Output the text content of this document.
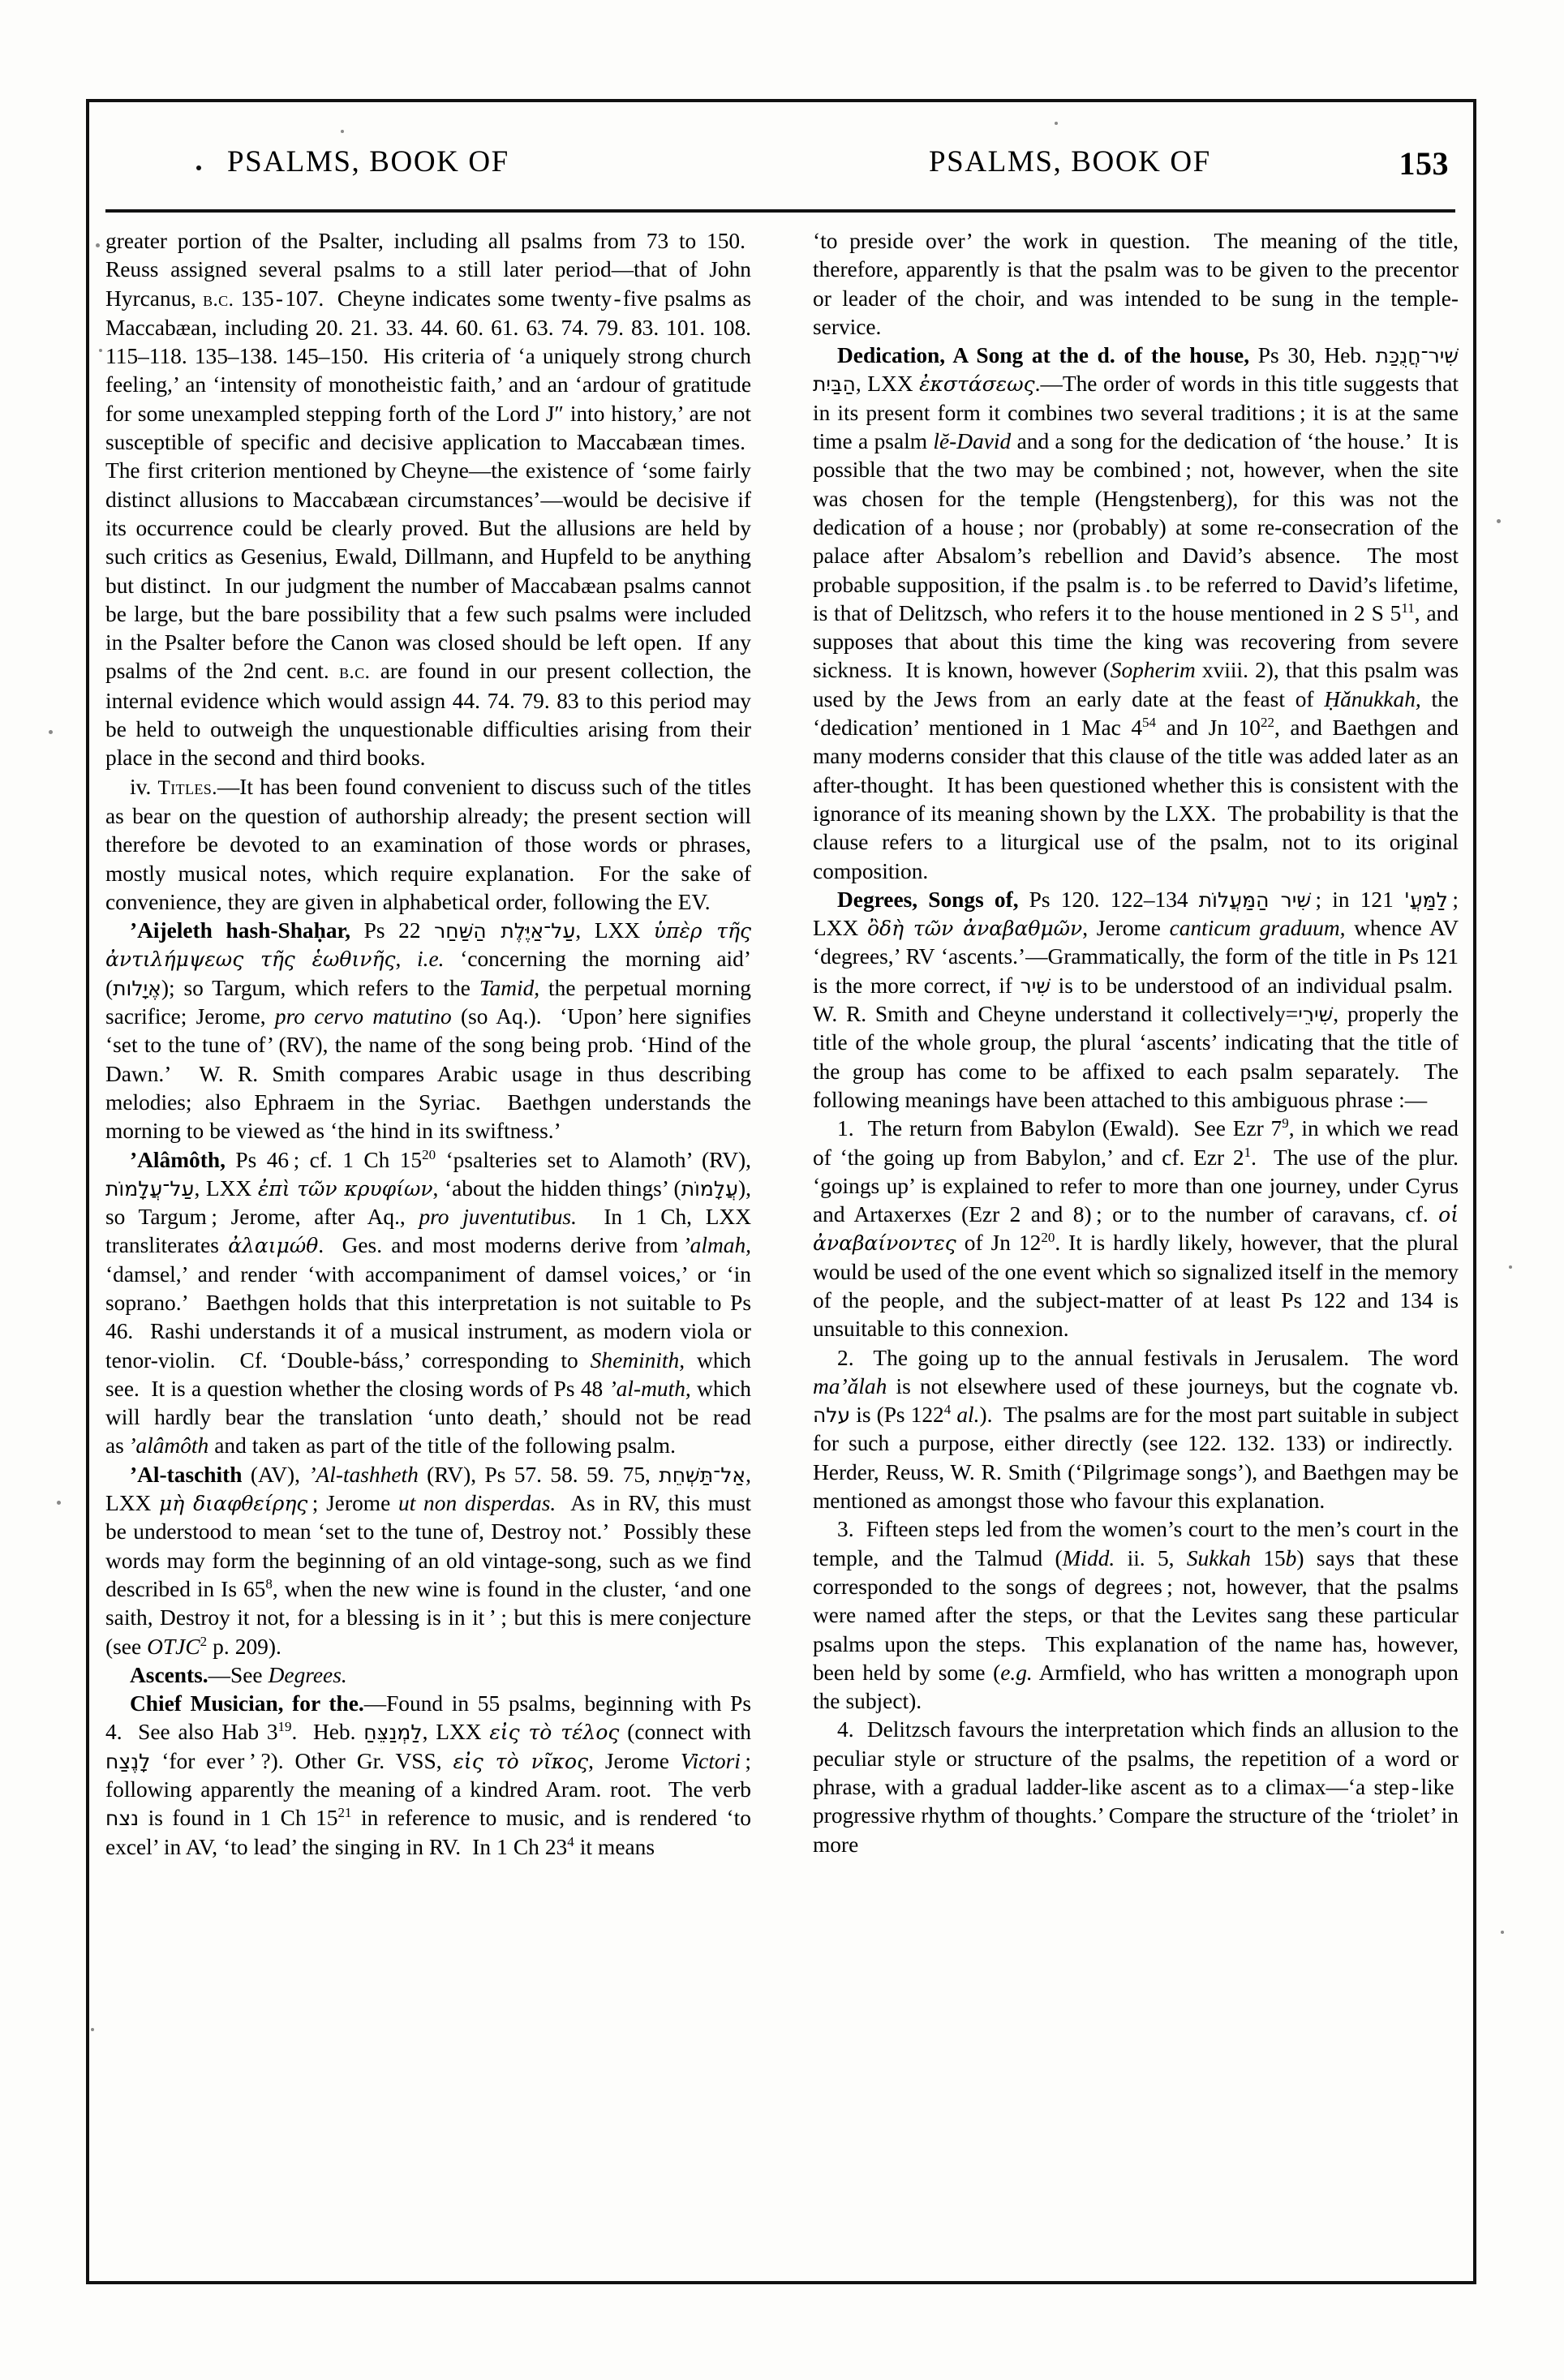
PSALMS, BOOK OF	PSALMS, BOOK OF	153

greater portion of the Psalter, including all psalms from 73 to 150.  Reuss assigned several psalms to a still later period—that of John Hyrcanus, b.c. 135 - 107.  Cheyne indicates some twenty - five psalms as Maccabæan, including 20. 21. 33. 44. 60. 61. 63. 74. 79. 83. 101. 108. 115–118. 135–138. 145–150.  His criteria of ‘a uniquely strong church feeling,’ an ‘intensity of monotheistic faith,’ and an ‘ardour of gratitude for some unexampled stepping forth of the Lord J″ into history,’ are not susceptible of specific and decisive application to Maccabæan times.  The first criterion mentioned by Cheyne—the existence of ‘some fairly distinct allusions to Maccabæan circumstances’—would be decisive if its occurrence could be clearly proved. But the allusions are held by such critics as Gesenius, Ewald, Dillmann, and Hupfeld to be anything but distinct.  In our judgment the number of Maccabæan psalms cannot be large, but the bare possibility that a few such psalms were included in the Psalter before the Canon was closed should be left open.  If any psalms of the 2nd cent. b.c. are found in our present collection, the internal evidence which would assign 44. 74. 79. 83 to this period may be held to outweigh the unquestionable difficulties arising from their place in the second and third books.

iv. Titles.—It has been found convenient to discuss such of the titles as bear on the question of authorship already; the present section will therefore be devoted to an examination of those words or phrases, mostly musical notes, which require explanation.  For the sake of convenience, they are given in alphabetical order, following the EV.

’Aijeleth hash-Shaḥar, Ps 22 עַל־אַיֶּלֶת הַשַּׁחַר, LXX ὑπὲρ τῆς ἀντιλήμψεως τῆς ἑωθινῆς, i.e. ‘concerning the morning aid’ (אֶיָלות); so Targum, which refers to the Tamid, the perpetual morning sacrifice; Jerome, pro cervo matutino (so Aq.).  ‘Upon’ here signifies ‘set to the tune of’ (RV), the name of the song being prob. ‘Hind of the Dawn.’  W. R. Smith compares Arabic usage in thus describing melodies; also Ephraem in the Syriac.  Baethgen understands the morning to be viewed as ‘the hind in its swiftness.’

’Alâmôth, Ps 46 ; cf. 1 Ch $15^{20}$ ‘psalteries set to Alamoth’ (RV), עַל־עֲלָמוֹת, LXX ἐπὶ τῶν κρυφίων, ‘about the hidden things’ (עֲלָמוֹת), so Targum ; Jerome, after Aq., pro juventutibus.  In 1 Ch, LXX transliterates ἀλαιμώθ.  Ges. and most moderns derive from ’almah, ‘damsel,’ and render ‘with accompaniment of damsel voices,’ or ‘in soprano.’  Baethgen holds that this interpretation is not suitable to Ps 46.  Rashi understands it of a musical instrument, as modern viola or tenor-violin.  Cf. ‘Double-báss,’ corresponding to Sheminith, which see.  It is a question whether the closing words of Ps 48 ’al-muth, which will hardly bear the translation ‘unto death,’ should not be read as ’alâmôth and taken as part of the title of the following psalm.

’Al-taschith (AV), ’Al-tashheth (RV), Ps 57. 58. 59. 75, אַל־תַּשְׁחֵת, LXX μὴ διαφθείρης ; Jerome ut non disperdas.  As in RV, this must be understood to mean ‘set to the tune of, Destroy not.’  Possibly these words may form the beginning of an old vintage-song, such as we find described in Is $65^8$, when the new wine is found in the cluster, ‘and one saith, Destroy it not, for a blessing is in it ’ ; but this is mere conjecture (see OTJC$^2$ p. 209).

Ascents.—See Degrees.

Chief Musician, for the.—Found in 55 psalms, beginning with Ps 4.  See also Hab $3^{19}$.  Heb. לַמְנַצֵּחַ, LXX εἰς τὸ τέλος (connect with לָנֶצַח ‘for ever ’ ?). Other Gr. VSS, εἰς τὸ νῖκος, Jerome Victori ; following apparently the meaning of a kindred Aram. root.  The verb נצח is found in 1 Ch $15^{21}$ in reference to music, and is rendered ‘to excel’ in AV, ‘to lead’ the singing in RV.  In 1 Ch $23^4$ it means

‘to preside over’ the work in question.  The meaning of the title, therefore, apparently is that the psalm was to be given to the precentor or leader of the choir, and was intended to be sung in the temple-service.

Dedication, A Song at the d. of the house, Ps 30, Heb. שִׁיר־חֲנֻכַּת הַבַּיִת, LXX ἐκστάσεως.—The order of words in this title suggests that in its present form it combines two several traditions ; it is at the same time a psalm lĕ-David and a song for the dedication of ‘the house.’  It is possible that the two may be combined ; not, however, when the site was chosen for the temple (Hengstenberg), for this was not the dedication of a house ; nor (probably) at some re-consecration of the palace after Absalom’s rebellion and David’s absence.  The most probable supposition, if the psalm is . to be referred to David’s lifetime, is that of Delitzsch, who refers it to the house mentioned in 2 S $5^{11}$, and supposes that about this time the king was recovering from severe sickness.  It is known, however (Sopherim xviii. 2), that this psalm was used by the Jews from  an early date at the feast of Ḥǎnukkah, the ‘dedication’ mentioned in 1 Mac $4^{54}$ and Jn $10^{22}$, and Baethgen and many moderns consider that this clause of the title was added later as an after-thought.  It has been questioned whether this is consistent with the ignorance of its meaning shown by the LXX.  The probability is that the clause refers to a liturgical use of the psalm, not to its original composition.

Degrees, Songs of, Ps 120. 122–134 שִׁיר הַמַּעֲלוֹת ; in 121 לַמַּעֲ' ; LXX ὂδὴ τῶν ἀναβαθμῶν, Jerome canticum graduum, whence AV ‘degrees,’ RV ‘ascents.’—Grammatically, the form of the title in Ps 121 is the more correct, if שִׁיר is to be understood of an individual psalm.  W. R. Smith and Cheyne understand it collectively=שִׁירֵי, properly the title of the whole group, the plural ‘ascents’ indicating that the title of the group has come to be affixed to each psalm separately.  The following meanings have been attached to this ambiguous phrase :—

1.  The return from Babylon (Ewald).  See Ezr $7^9$, in which we read of ‘the going up from Babylon,’ and cf. Ezr $2^1$.  The use of the plur. ‘goings up’ is explained to refer to more than one journey, under Cyrus and Artaxerxes (Ezr 2 and 8) ; or to the number of caravans, cf. οἱ ἀναβαίνοντες of Jn $12^{20}$. It is hardly likely, however, that the plural would be used of the one event which so signalized itself in the memory of the people, and the subject-matter of at least Ps 122 and 134 is unsuitable to this connexion.

2.  The going up to the annual festivals in Jerusalem.  The word ma’ǎlah is not elsewhere used of these journeys, but the cognate vb. עלה is (Ps $122^4$ al.).  The psalms are for the most part suitable in subject for such a purpose, either directly (see 122. 132. 133) or indirectly.  Herder, Reuss, W. R. Smith (‘Pilgrimage songs’), and Baethgen may be mentioned as amongst those who favour this explanation.

3.  Fifteen steps led from the women’s court to the men’s court in the temple, and the Talmud (Midd. ii. 5, Sukkah 15b) says that these corresponded to the songs of degrees ; not, however, that the psalms were named after the steps, or that the Levites sang these particular psalms upon the steps.  This explanation of the name has, however, been held by some (e.g. Armfield, who has written a monograph upon the subject).

4.  Delitzsch favours the interpretation which finds an allusion to the peculiar style or structure of the psalms, the repetition of a word or phrase, with a gradual ladder-like ascent as to a climax—‘a step - like progressive rhythm of thoughts.’ Compare the structure of the ‘triolet’ in more
